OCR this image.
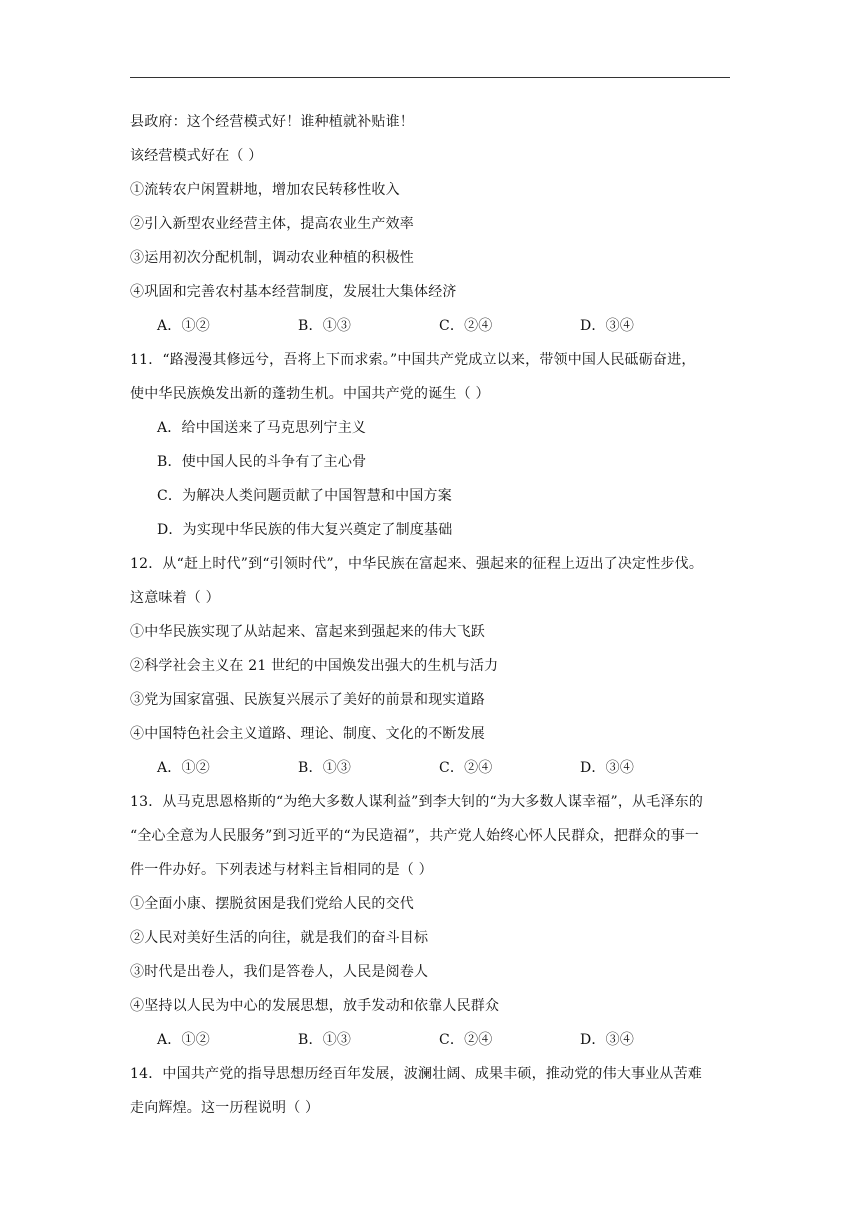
县政府：这个经营模式好！谁种植就补贴谁！
该经营模式好在（ ）
①流转农户闲置耕地，增加农民转移性收入
②引入新型农业经营主体，提高农业生产效率
③运用初次分配机制，调动农业种植的积极性
④巩固和完善农村基本经营制度，发展壮大集体经济
A．①②	B．①③	C．②④	D．③④
11．“路漫漫其修远兮，吾将上下而求索。”中国共产党成立以来，带领中国人民砥砺奋进，
使中华民族焕发出新的蓬勃生机。中国共产党的诞生（ ）
A．给中国送来了马克思列宁主义
B．使中国人民的斗争有了主心骨
C．为解决人类问题贡献了中国智慧和中国方案
D．为实现中华民族的伟大复兴奠定了制度基础
12．从“赶上时代”到“引领时代”，中华民族在富起来、强起来的征程上迈出了决定性步伐。
这意味着（ ）
①中华民族实现了从站起来、富起来到强起来的伟大飞跃
②科学社会主义在 21 世纪的中国焕发出强大的生机与活力
③党为国家富强、民族复兴展示了美好的前景和现实道路
④中国特色社会主义道路、理论、制度、文化的不断发展
A．①②	B．①③	C．②④	D．③④
13．从马克思恩格斯的“为绝大多数人谋利益”到李大钊的“为大多数人谋幸福”，从毛泽东的
“全心全意为人民服务”到习近平的“为民造福”，共产党人始终心怀人民群众，把群众的事一
件一件办好。下列表述与材料主旨相同的是（ ）
①全面小康、摆脱贫困是我们党给人民的交代
②人民对美好生活的向往，就是我们的奋斗目标
③时代是出卷人，我们是答卷人，人民是阅卷人
④坚持以人民为中心的发展思想，放手发动和依靠人民群众
A．①②	B．①③	C．②④	D．③④
14．中国共产党的指导思想历经百年发展，波澜壮阔、成果丰硕，推动党的伟大事业从苦难
走向辉煌。这一历程说明（ ）
